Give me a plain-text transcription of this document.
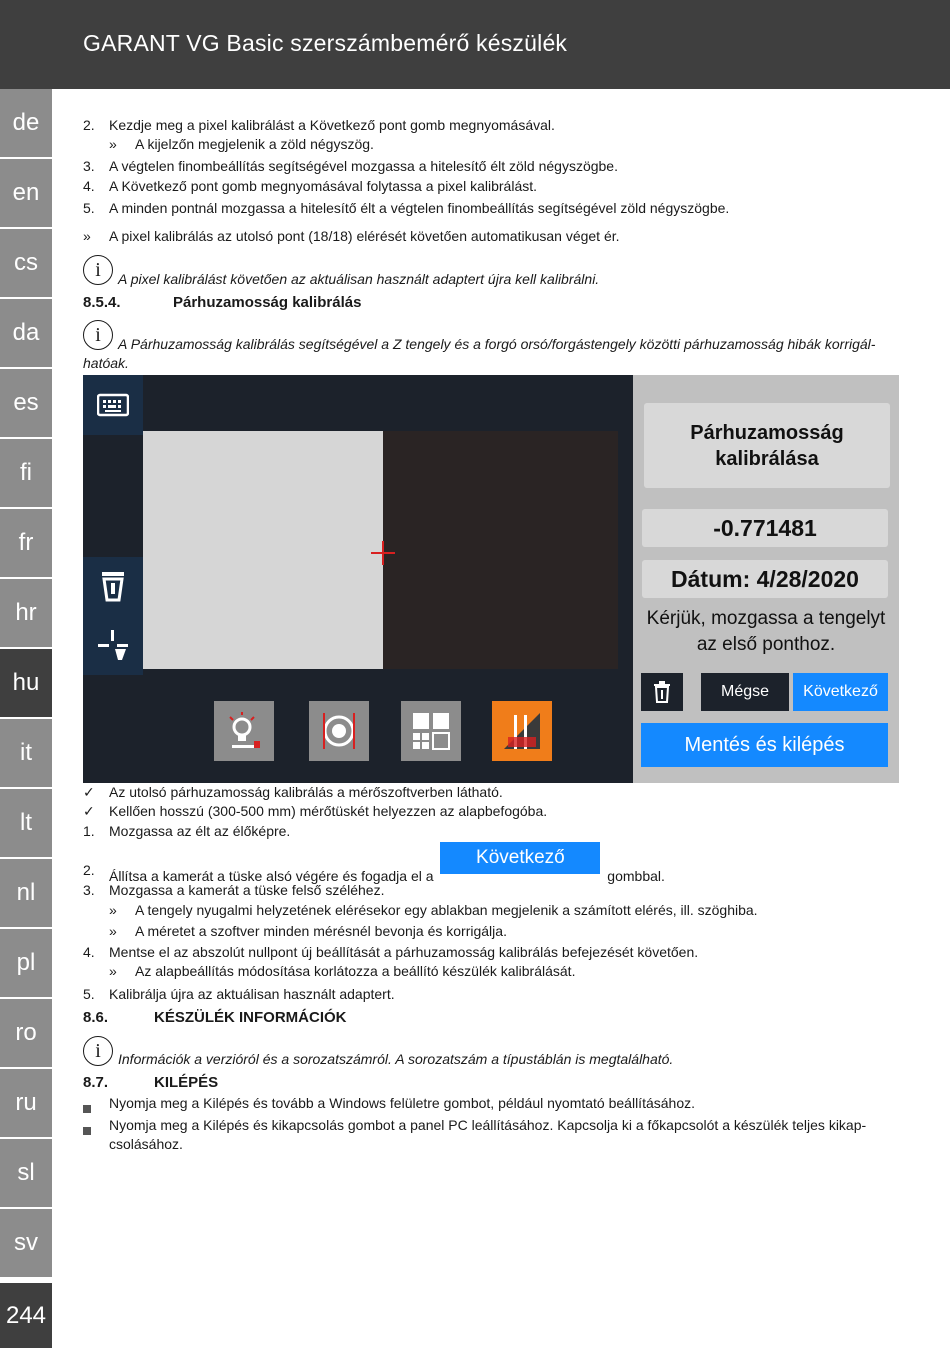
GARANT VG Basic szerszámbemérő készülék
de
en
cs
da
es
fi
fr
hr
hu
it
lt
nl
pl
ro
ru
sl
sv
244
2.	Kezdje meg a pixel kalibrálást a Következő pont gomb megnyomásával.
»	A kijelzőn megjelenik a zöld négyszög.
3.	A végtelen finombeállítás segítségével mozgassa a hitelesítő élt zöld négyszögbe.
4.	A Következő pont gomb megnyomásával folytassa a pixel kalibrálást.
5.	A minden pontnál mozgassa a hitelesítő élt a végtelen finombeállítás segítségével zöld négyszögbe.
»	A pixel kalibrálás az utolsó pont (18/18) elérését követően automatikusan véget ér.
i	A pixel kalibrálást követően az aktuálisan használt adaptert újra kell kalibrálni.
8.5.4.	Párhuzamosság kalibrálás
i	A Párhuzamosság kalibrálás segítségével a Z tengely és a forgó orsó/forgástengely közötti párhuzamosság hibák korrigál-
hatóak.
Párhuzamosság
kalibrálása
-0.771481
Dátum: 4/28/2020
Kérjük, mozgassa a tengelyt
az első ponthoz.
Mégse	Következő
Mentés és kilépés
✓	Az utolsó párhuzamosság kalibrálás a mérőszoftverben látható.
✓	Kellően hosszú (300-500 mm) mérőtüskét helyezzen az alapbefogóba.
1.	Mozgassa az élt az élőképre.
2.	Állítsa a kamerát a tüske alsó végére és fogadja el a Következő gombbal.
3.	Mozgassa a kamerát a tüske felső széléhez.
»	A tengely nyugalmi helyzetének elérésekor egy ablakban megjelenik a számított elérés, ill. szöghiba.
»	A méretet a szoftver minden mérésnél bevonja és korrigálja.
4.	Mentse el az abszolút nullpont új beállítását a párhuzamosság kalibrálás befejezését követően.
»	Az alapbeállítás módosítása korlátozza a beállító készülék kalibrálását.
5.	Kalibrálja újra az aktuálisan használt adaptert.
8.6.	KÉSZÜLÉK INFORMÁCIÓK
i	Információk a verzióról és a sorozatszámról. A sorozatszám a típustáblán is megtalálható.
8.7.	KILÉPÉS
Nyomja meg a Kilépés és tovább a Windows felületre gombot, például nyomtató beállításához.
Nyomja meg a Kilépés és kikapcsolás gombot a panel PC leállításához. Kapcsolja ki a főkapcsolót a készülék teljes kikap-
csolásához.
